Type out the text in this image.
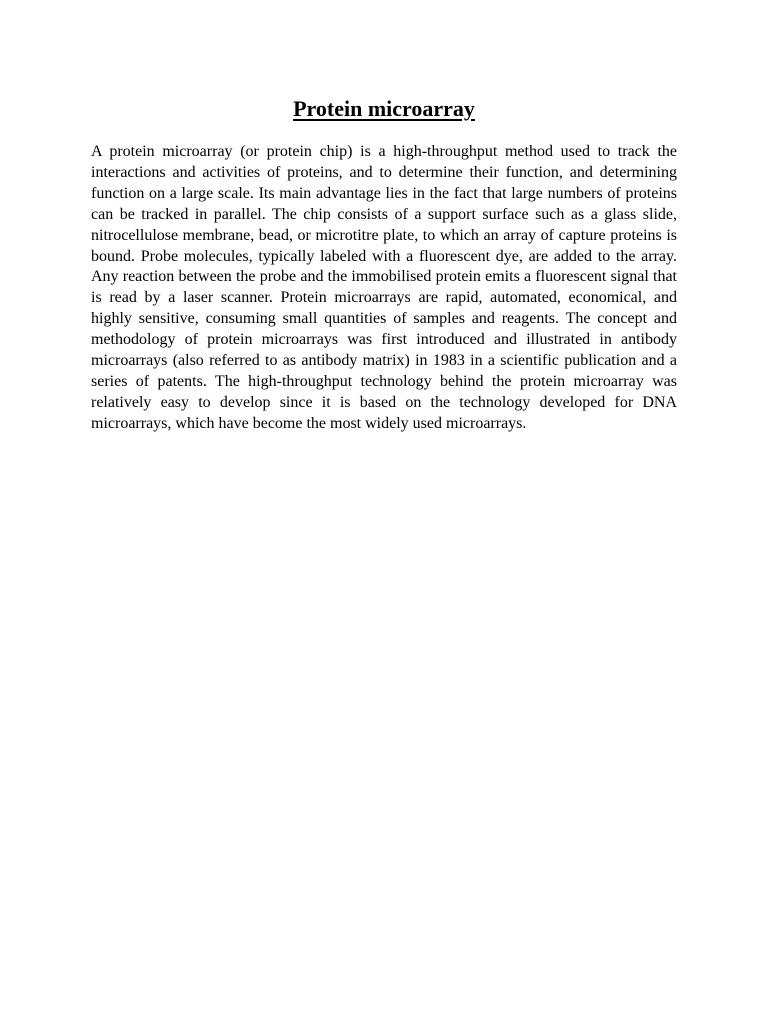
Protein microarray

A protein microarray (or protein chip) is a high-throughput method used to track the interactions and activities of proteins, and to determine their function, and determining function on a large scale. Its main advantage lies in the fact that large numbers of proteins can be tracked in parallel. The chip consists of a support surface such as a glass slide, nitrocellulose membrane, bead, or microtitre plate, to which an array of capture proteins is bound. Probe molecules, typically labeled with a fluorescent dye, are added to the array. Any reaction between the probe and the immobilised protein emits a fluorescent signal that is read by a laser scanner. Protein microarrays are rapid, automated, economical, and highly sensitive, consuming small quantities of samples and reagents. The concept and methodology of protein microarrays was first introduced and illustrated in antibody microarrays (also referred to as antibody matrix) in 1983 in a scientific publication and a series of patents. The high-throughput technology behind the protein microarray was relatively easy to develop since it is based on the technology developed for DNA microarrays, which have become the most widely used microarrays.
